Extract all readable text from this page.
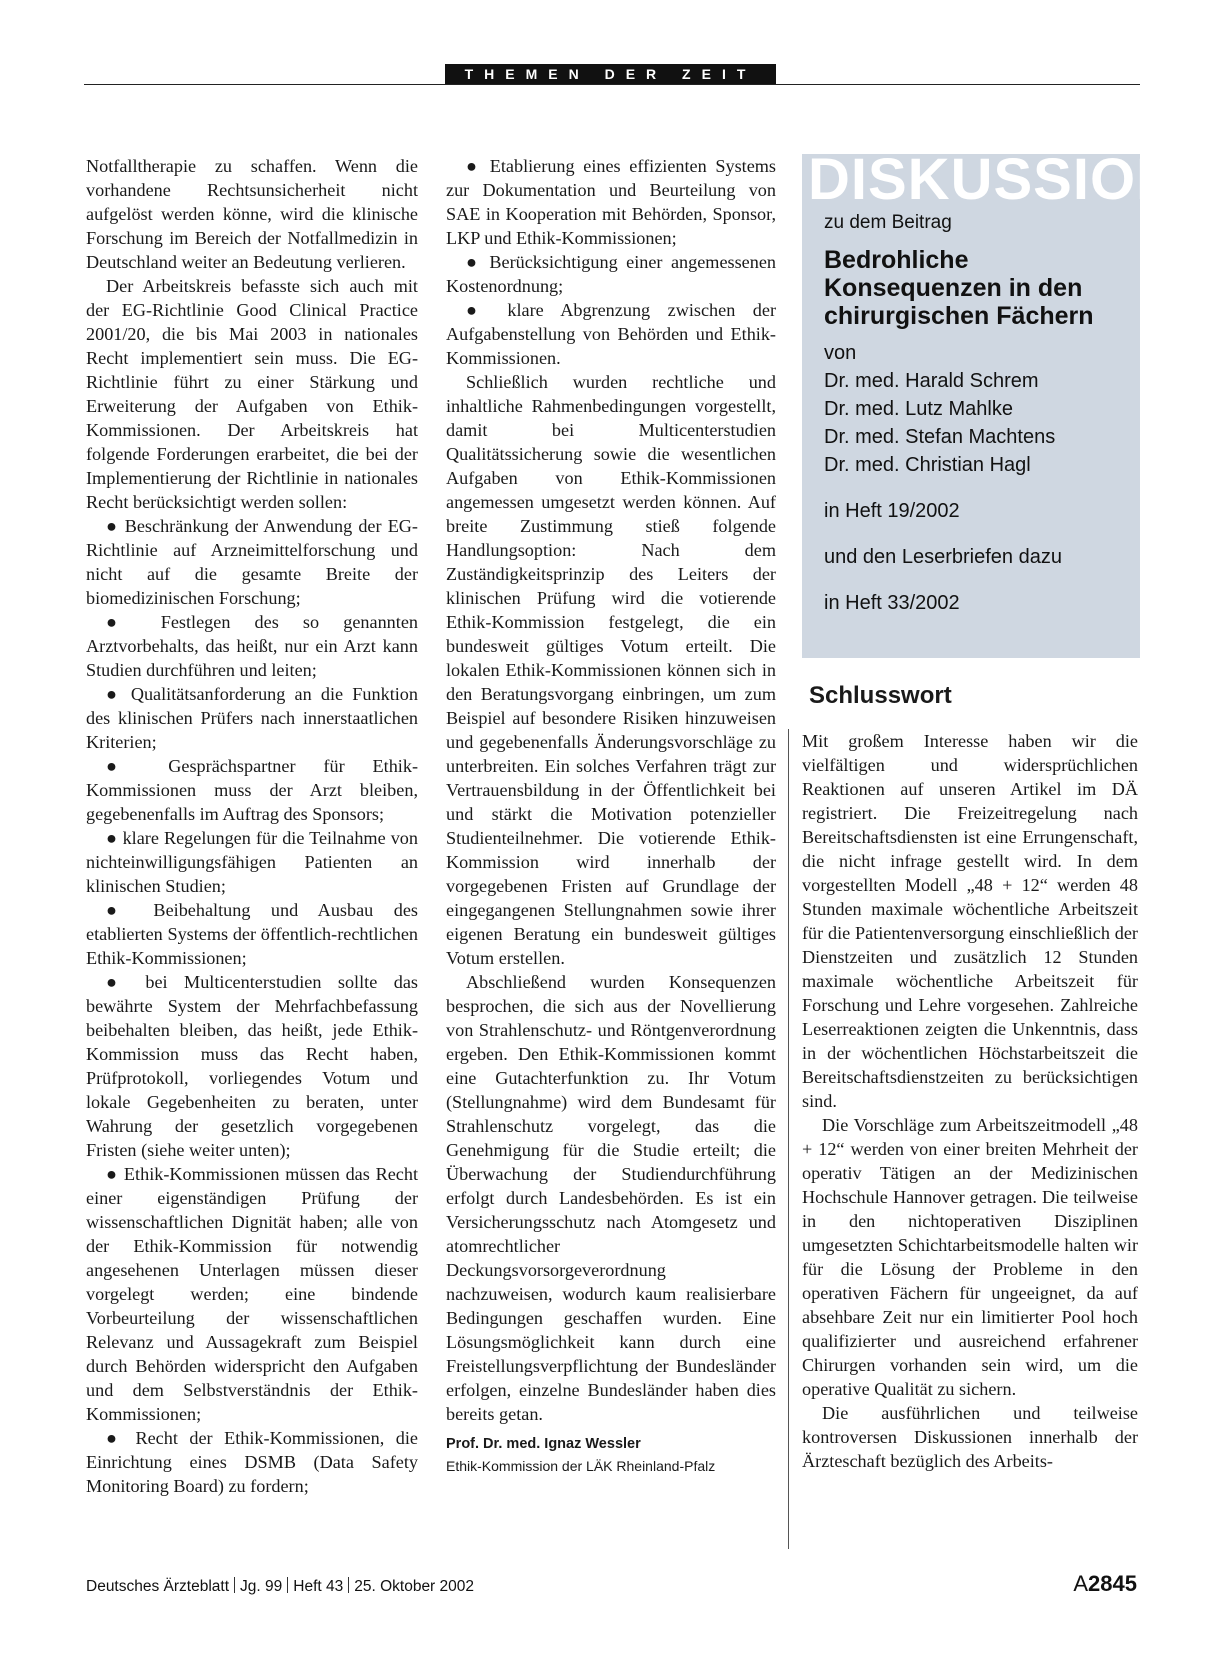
THEMEN DER ZEIT

Notfalltherapie zu schaffen. Wenn die vorhandene Rechtsunsicherheit nicht aufgelöst werden könne, wird die klinische Forschung im Bereich der Notfallmedizin in Deutschland weiter an Bedeutung verlieren.

Der Arbeitskreis befasste sich auch mit der EG-Richtlinie Good Clinical Practice 2001/20, die bis Mai 2003 in nationales Recht implementiert sein muss. Die EG-Richtlinie führt zu einer Stärkung und Erweiterung der Aufgaben von Ethik-Kommissionen. Der Arbeitskreis hat folgende Forderungen erarbeitet, die bei der Implementierung der Richtlinie in nationales Recht berücksichtigt werden sollen:

● Beschränkung der Anwendung der EG-Richtlinie auf Arzneimittelforschung und nicht auf die gesamte Breite der biomedizinischen Forschung;

● Festlegen des so genannten Arztvorbehalts, das heißt, nur ein Arzt kann Studien durchführen und leiten;

● Qualitätsanforderung an die Funktion des klinischen Prüfers nach innerstaatlichen Kriterien;

● Gesprächspartner für Ethik-Kommissionen muss der Arzt bleiben, gegebenenfalls im Auftrag des Sponsors;

● klare Regelungen für die Teilnahme von nichteinwilligungsfähigen Patienten an klinischen Studien;

● Beibehaltung und Ausbau des etablierten Systems der öffentlich-rechtlichen Ethik-Kommissionen;

● bei Multicenterstudien sollte das bewährte System der Mehrfachbefassung beibehalten bleiben, das heißt, jede Ethik-Kommission muss das Recht haben, Prüfprotokoll, vorliegendes Votum und lokale Gegebenheiten zu beraten, unter Wahrung der gesetzlich vorgegebenen Fristen (siehe weiter unten);

● Ethik-Kommissionen müssen das Recht einer eigenständigen Prüfung der wissenschaftlichen Dignität haben; alle von der Ethik-Kommission für notwendig angesehenen Unterlagen müssen dieser vorgelegt werden; eine bindende Vorbeurteilung der wissenschaftlichen Relevanz und Aussagekraft zum Beispiel durch Behörden widerspricht den Aufgaben und dem Selbstverständnis der Ethik-Kommissionen;

● Recht der Ethik-Kommissionen, die Einrichtung eines DSMB (Data Safety Monitoring Board) zu fordern;

● Etablierung eines effizienten Systems zur Dokumentation und Beurteilung von SAE in Kooperation mit Behörden, Sponsor, LKP und Ethik-Kommissionen;

● Berücksichtigung einer angemessenen Kostenordnung;

● klare Abgrenzung zwischen der Aufgabenstellung von Behörden und Ethik-Kommissionen.

Schließlich wurden rechtliche und inhaltliche Rahmenbedingungen vorgestellt, damit bei Multicenterstudien Qualitätssicherung sowie die wesentlichen Aufgaben von Ethik-Kommissionen angemessen umgesetzt werden können. Auf breite Zustimmung stieß folgende Handlungsoption: Nach dem Zuständigkeitsprinzip des Leiters der klinischen Prüfung wird die votierende Ethik-Kommission festgelegt, die ein bundesweit gültiges Votum erteilt. Die lokalen Ethik-Kommissionen können sich in den Beratungsvorgang einbringen, um zum Beispiel auf besondere Risiken hinzuweisen und gegebenenfalls Änderungsvorschläge zu unterbreiten. Ein solches Verfahren trägt zur Vertrauensbildung in der Öffentlichkeit bei und stärkt die Motivation potenzieller Studienteilnehmer. Die votierende Ethik-Kommission wird innerhalb der vorgegebenen Fristen auf Grundlage der eingegangenen Stellungnahmen sowie ihrer eigenen Beratung ein bundesweit gültiges Votum erstellen.

Abschließend wurden Konsequenzen besprochen, die sich aus der Novellierung von Strahlenschutz- und Röntgenverordnung ergeben. Den Ethik-Kommissionen kommt eine Gutachterfunktion zu. Ihr Votum (Stellungnahme) wird dem Bundesamt für Strahlenschutz vorgelegt, das die Genehmigung für die Studie erteilt; die Überwachung der Studiendurchführung erfolgt durch Landesbehörden. Es ist ein Versicherungsschutz nach Atomgesetz und atomrechtlicher Deckungsvorsorgeverordnung nachzuweisen, wodurch kaum realisierbare Bedingungen geschaffen wurden. Eine Lösungsmöglichkeit kann durch eine Freistellungsverpflichtung der Bundesländer erfolgen, einzelne Bundesländer haben dies bereits getan.

Prof. Dr. med. Ignaz Wessler

Ethik-Kommission der LÄK Rheinland-Pfalz

DISKUSSION
zu dem Beitrag
Bedrohliche
Konsequenzen in den
chirurgischen Fächern
von
Dr. med. Harald Schrem
Dr. med. Lutz Mahlke
Dr. med. Stefan Machtens
Dr. med. Christian Hagl
in Heft 19/2002
und den Leserbriefen dazu
in Heft 33/2002
Schlusswort

Mit großem Interesse haben wir die vielfältigen und widersprüchlichen Reaktionen auf unseren Artikel im DÄ registriert. Die Freizeitregelung nach Bereitschaftsdiensten ist eine Errungenschaft, die nicht infrage gestellt wird. In dem vorgestellten Modell „48 + 12“ werden 48 Stunden maximale wöchentliche Arbeitszeit für die Patientenversorgung einschließlich der Dienstzeiten und zusätzlich 12 Stunden maximale wöchentliche Arbeitszeit für Forschung und Lehre vorgesehen. Zahlreiche Leserreaktionen zeigten die Unkenntnis, dass in der wöchentlichen Höchstarbeitszeit die Bereitschaftsdienstzeiten zu berücksichtigen sind.

Die Vorschläge zum Arbeitszeitmodell „48 + 12“ werden von einer breiten Mehrheit der operativ Tätigen an der Medizinischen Hochschule Hannover getragen. Die teilweise in den nichtoperativen Disziplinen umgesetzten Schichtarbeitsmodelle halten wir für die Lösung der Probleme in den operativen Fächern für ungeeignet, da auf absehbare Zeit nur ein limitierter Pool hoch qualifizierter und ausreichend erfahrener Chirurgen vorhanden sein wird, um die operative Qualität zu sichern.

Die ausführlichen und teilweise kontroversen Diskussionen innerhalb der Ärzteschaft bezüglich des Arbeits-

Deutsches Ärzteblatt Jg. 99 Heft 43 25. Oktober 2002	A2845
